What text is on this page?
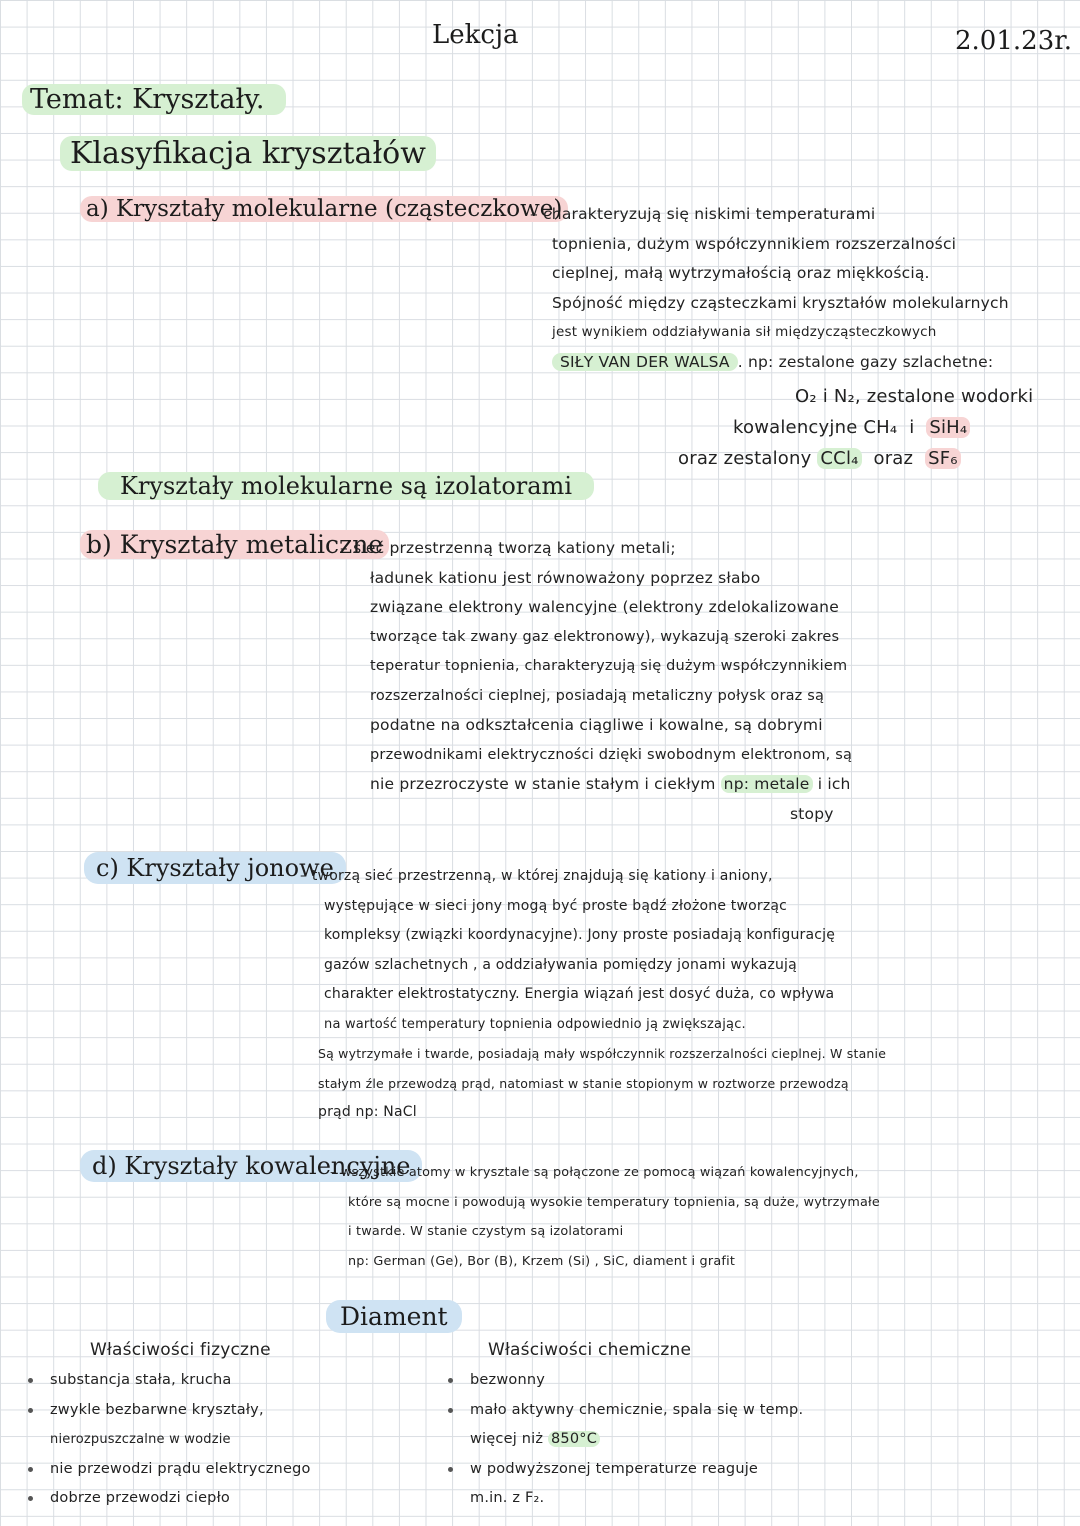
Lekcja	2.01.23r.
Temat: Kryształy.
Klasyfikacja kryształów
a) Kryształy molekularne (cząsteczkowe)
– charakteryzują się niskimi temperaturami
topnienia, dużym współczynnikiem rozszerzalności
cieplnej, małą wytrzymałością oraz miękkością.
Spójność między cząsteczkami kryształów molekularnych
jest wynikiem oddziaływania sił międzycząsteczkowych
SIŁY VAN DER WALSA . np: zestalone gazy szlachetne:
O₂ i N₂, zestalone wodorki
kowalencyjne CH₄ i SiH₄
oraz zestalony CCl₄ oraz SF₆
Kryształy molekularne są izolatorami
b) Kryształy metaliczne
– sieć przestrzenną tworzą kationy metali;
ładunek kationu jest równoważony poprzez słabo
związane elektrony walencyjne (elektrony zdelokalizowane
tworzące tak zwany gaz elektronowy), wykazują szeroki zakres
teperatur topnienia, charakteryzują się dużym współczynnikiem
rozszerzalności cieplnej, posiadają metaliczny połysk oraz są
podatne na odkształcenia ciągliwe i kowalne, są dobrymi
przewodnikami elektryczności dzięki swobodnym elektronom, są
nie przezroczyste w stanie stałym i ciekłym np: metale i ich
stopy
c) Kryształy jonowe
– tworzą sieć przestrzenną, w której znajdują się kationy i aniony,
występujące w sieci jony mogą być proste bądź złożone tworząc
kompleksy (związki koordynacyjne). Jony proste posiadają konfigurację
gazów szlachetnych , a oddziaływania pomiędzy jonami wykazują
charakter elektrostatyczny. Energia wiązań jest dosyć duża, co wpływa
na wartość temperatury topnienia odpowiednio ją zwiększając.
Są wytrzymałe i twarde, posiadają mały współczynnik rozszerzalności cieplnej. W stanie
stałym źle przewodzą prąd, natomiast w stanie stopionym w roztworze przewodzą
prąd np: NaCl
d) Kryształy kowalencyjne
– wszystkie atomy w krysztale są połączone ze pomocą wiązań kowalencyjnych,
które są mocne i powodują wysokie temperatury topnienia, są duże, wytrzymałe
i twarde. W stanie czystym są izolatorami
np: German (Ge), Bor (B), Krzem (Si) , SiC, diament i grafit
Diament
Właściwości fizyczne
substancja stała, krucha
zwykle bezbarwne kryształy,
nierozpuszczalne w wodzie
nie przewodzi prądu elektrycznego
dobrze przewodzi ciepło
Właściwości chemiczne
bezwonny
mało aktywny chemicznie, spala się w temp.
więcej niż 850°C
w podwyższonej temperaturze reaguje
m.in. z F₂.
